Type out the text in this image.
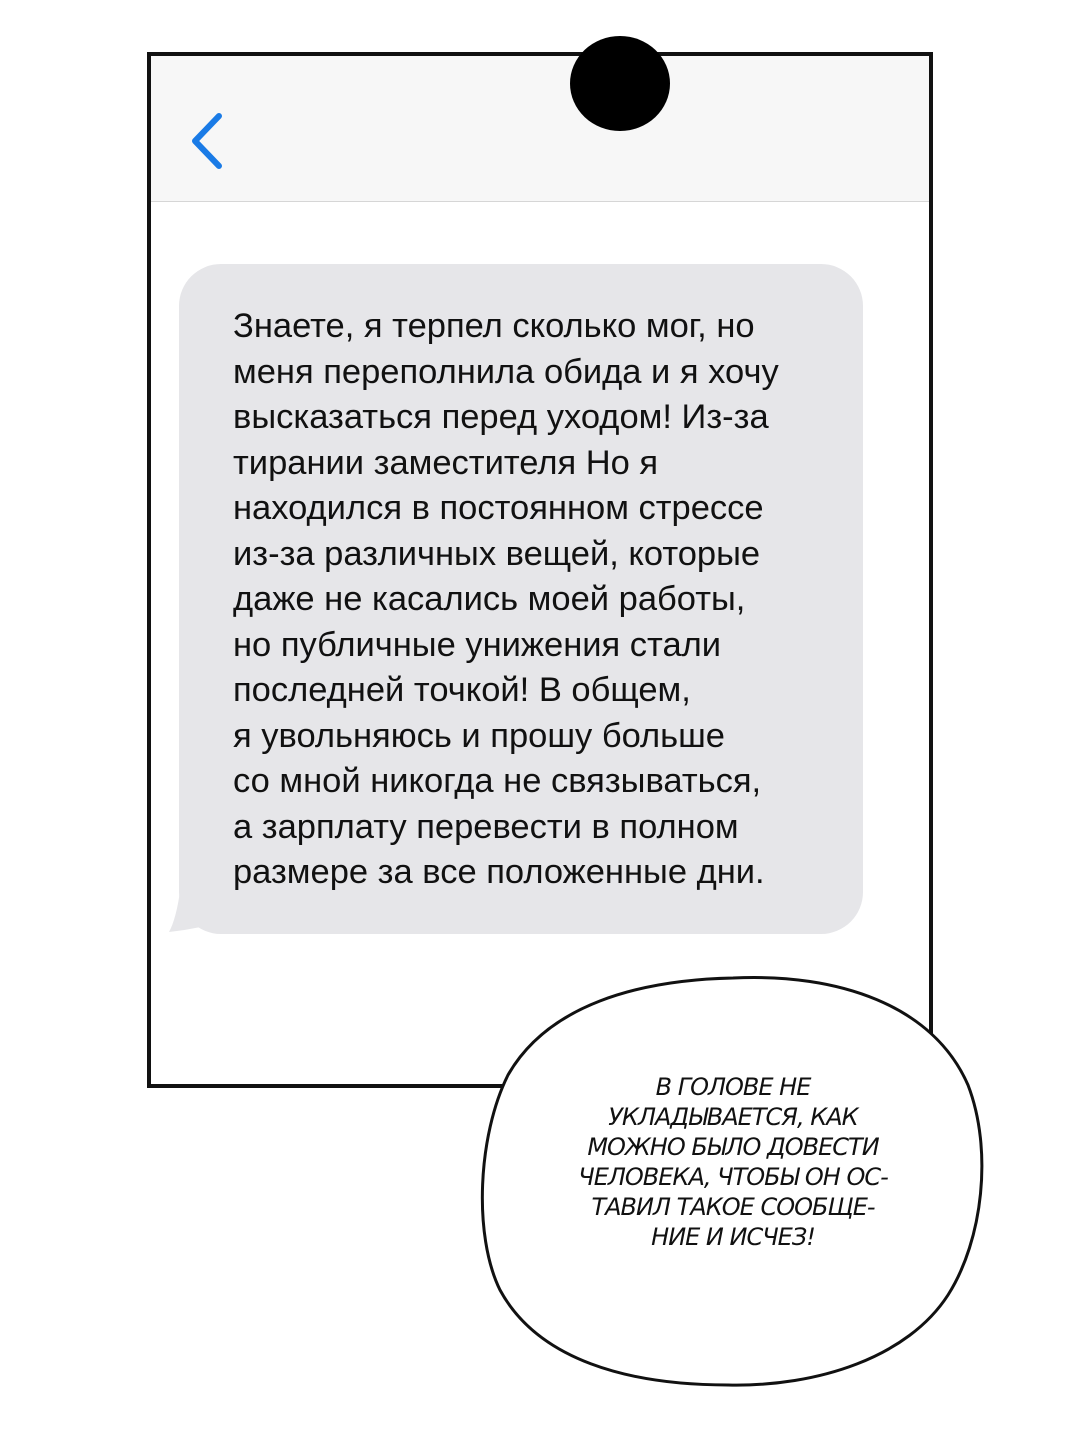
Знаете, я терпел сколько мог, но
меня переполнила обида и я хочу
высказаться перед уходом! Из-за
тирании заместителя Но я
находился в постоянном стрессе
из-за различных вещей, которые
даже не касались моей работы,
но публичные унижения стали
последней точкой! В общем,
я увольняюсь и прошу больше
со мной никогда не связываться,
а зарплату перевести в полном
размере за все положенные дни.
В ГОЛОВЕ НЕ
УКЛАДЫВАЕТСЯ, КАК
МОЖНО БЫЛО ДОВЕСТИ
ЧЕЛОВЕКА, ЧТОБЫ ОН ОС-
ТАВИЛ ТАКОЕ СООБЩЕ-
НИЕ И ИСЧЕЗ!
